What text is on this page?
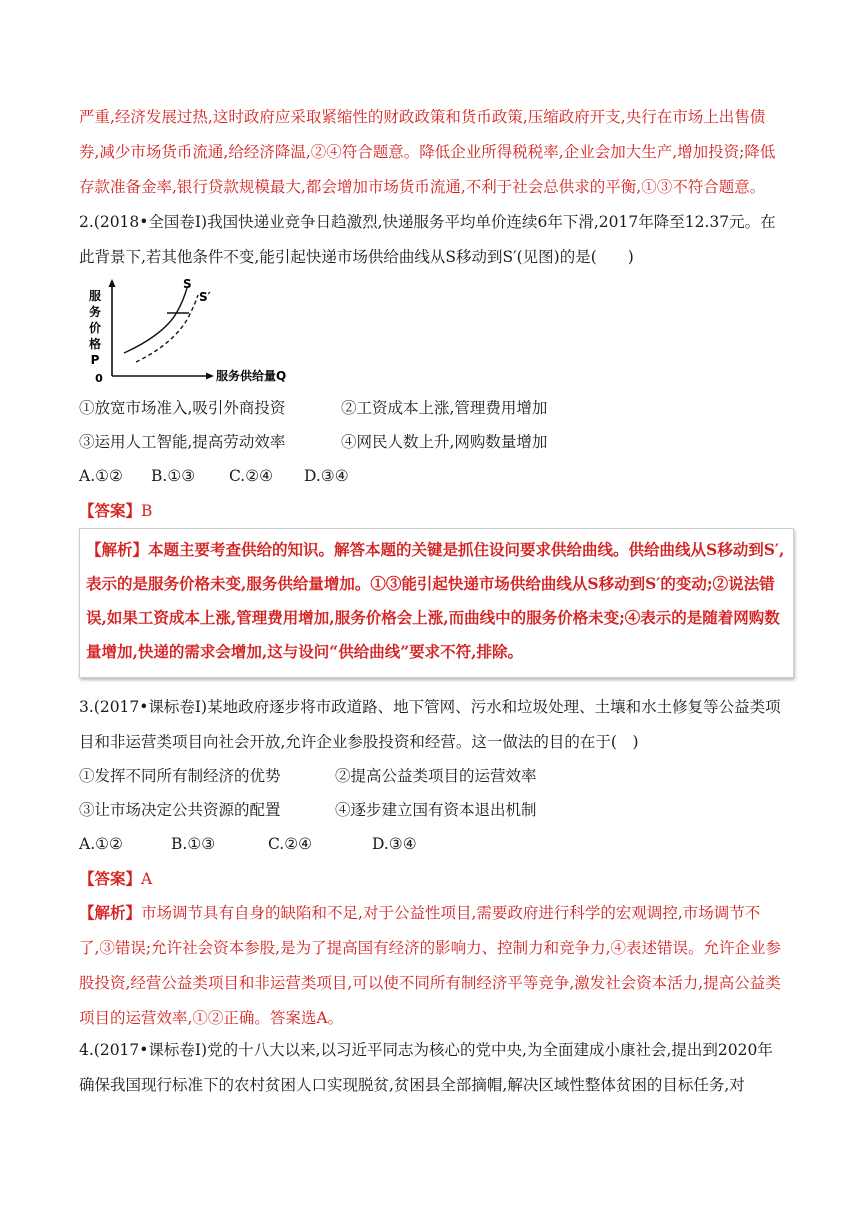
严重,经济发展过热,这时政府应采取紧缩性的财政政策和货币政策,压缩政府开支,央行在市场上出售债券,减少市场货币流通,给经济降温,②④符合题意。降低企业所得税税率,企业会加大生产,增加投资;降低存款准备金率,银行贷款规模最大,都会增加市场货币流通,不利于社会总供求的平衡,①③不符合题意。

2.(2018•全国卷Ⅰ)我国快递业竞争日趋激烈,快递服务平均单价连续6年下滑,2017年降至12.37元。在此背景下,若其他条件不变,能引起快递市场供给曲线从S移动到S′(见图)的是(　　)

服
务
价
格
P
0	服务供给量Q
S
S′
①放宽市场准入,吸引外商投资	②工资成本上涨,管理费用增加
③运用人工智能,提高劳动效率	④网民人数上升,网购数量增加
A.①② B.①③ C.②④ D.③④
【答案】B
【解析】本题主要考查供给的知识。解答本题的关键是抓住设问要求供给曲线。供给曲线从S移动到S′,表示的是服务价格未变,服务供给量增加。①③能引起快递市场供给曲线从S移动到S′的变动;②说法错误,如果工资成本上涨,管理费用增加,服务价格会上涨,而曲线中的服务价格未变;④表示的是随着网购数量增加,快递的需求会增加,这与设问“供给曲线”要求不符,排除。

3.(2017•课标卷Ⅰ)某地政府逐步将市政道路、地下管网、污水和垃圾处理、土壤和水土修复等公益类项目和非运营类项目向社会开放,允许企业参股投资和经营。这一做法的目的在于(　)

①发挥不同所有制经济的优势	②提高公益类项目的运营效率
③让市场决定公共资源的配置	④逐步建立国有资本退出机制
A.①②	B.①③	C.②④	D.③④
【答案】A

【解析】市场调节具有自身的缺陷和不足,对于公益性项目,需要政府进行科学的宏观调控,市场调节不了,③错误;允许社会资本参股,是为了提高国有经济的影响力、控制力和竞争力,④表述错误。允许企业参股投资,经营公益类项目和非运营类项目,可以使不同所有制经济平等竞争,激发社会资本活力,提高公益类项目的运营效率,①②正确。答案选A。

4.(2017•课标卷Ⅰ)党的十八大以来,以习近平同志为核心的党中央,为全面建成小康社会,提出到2020年确保我国现行标准下的农村贫困人口实现脱贫,贫困县全部摘帽,解决区域性整体贫困的目标任务,对
